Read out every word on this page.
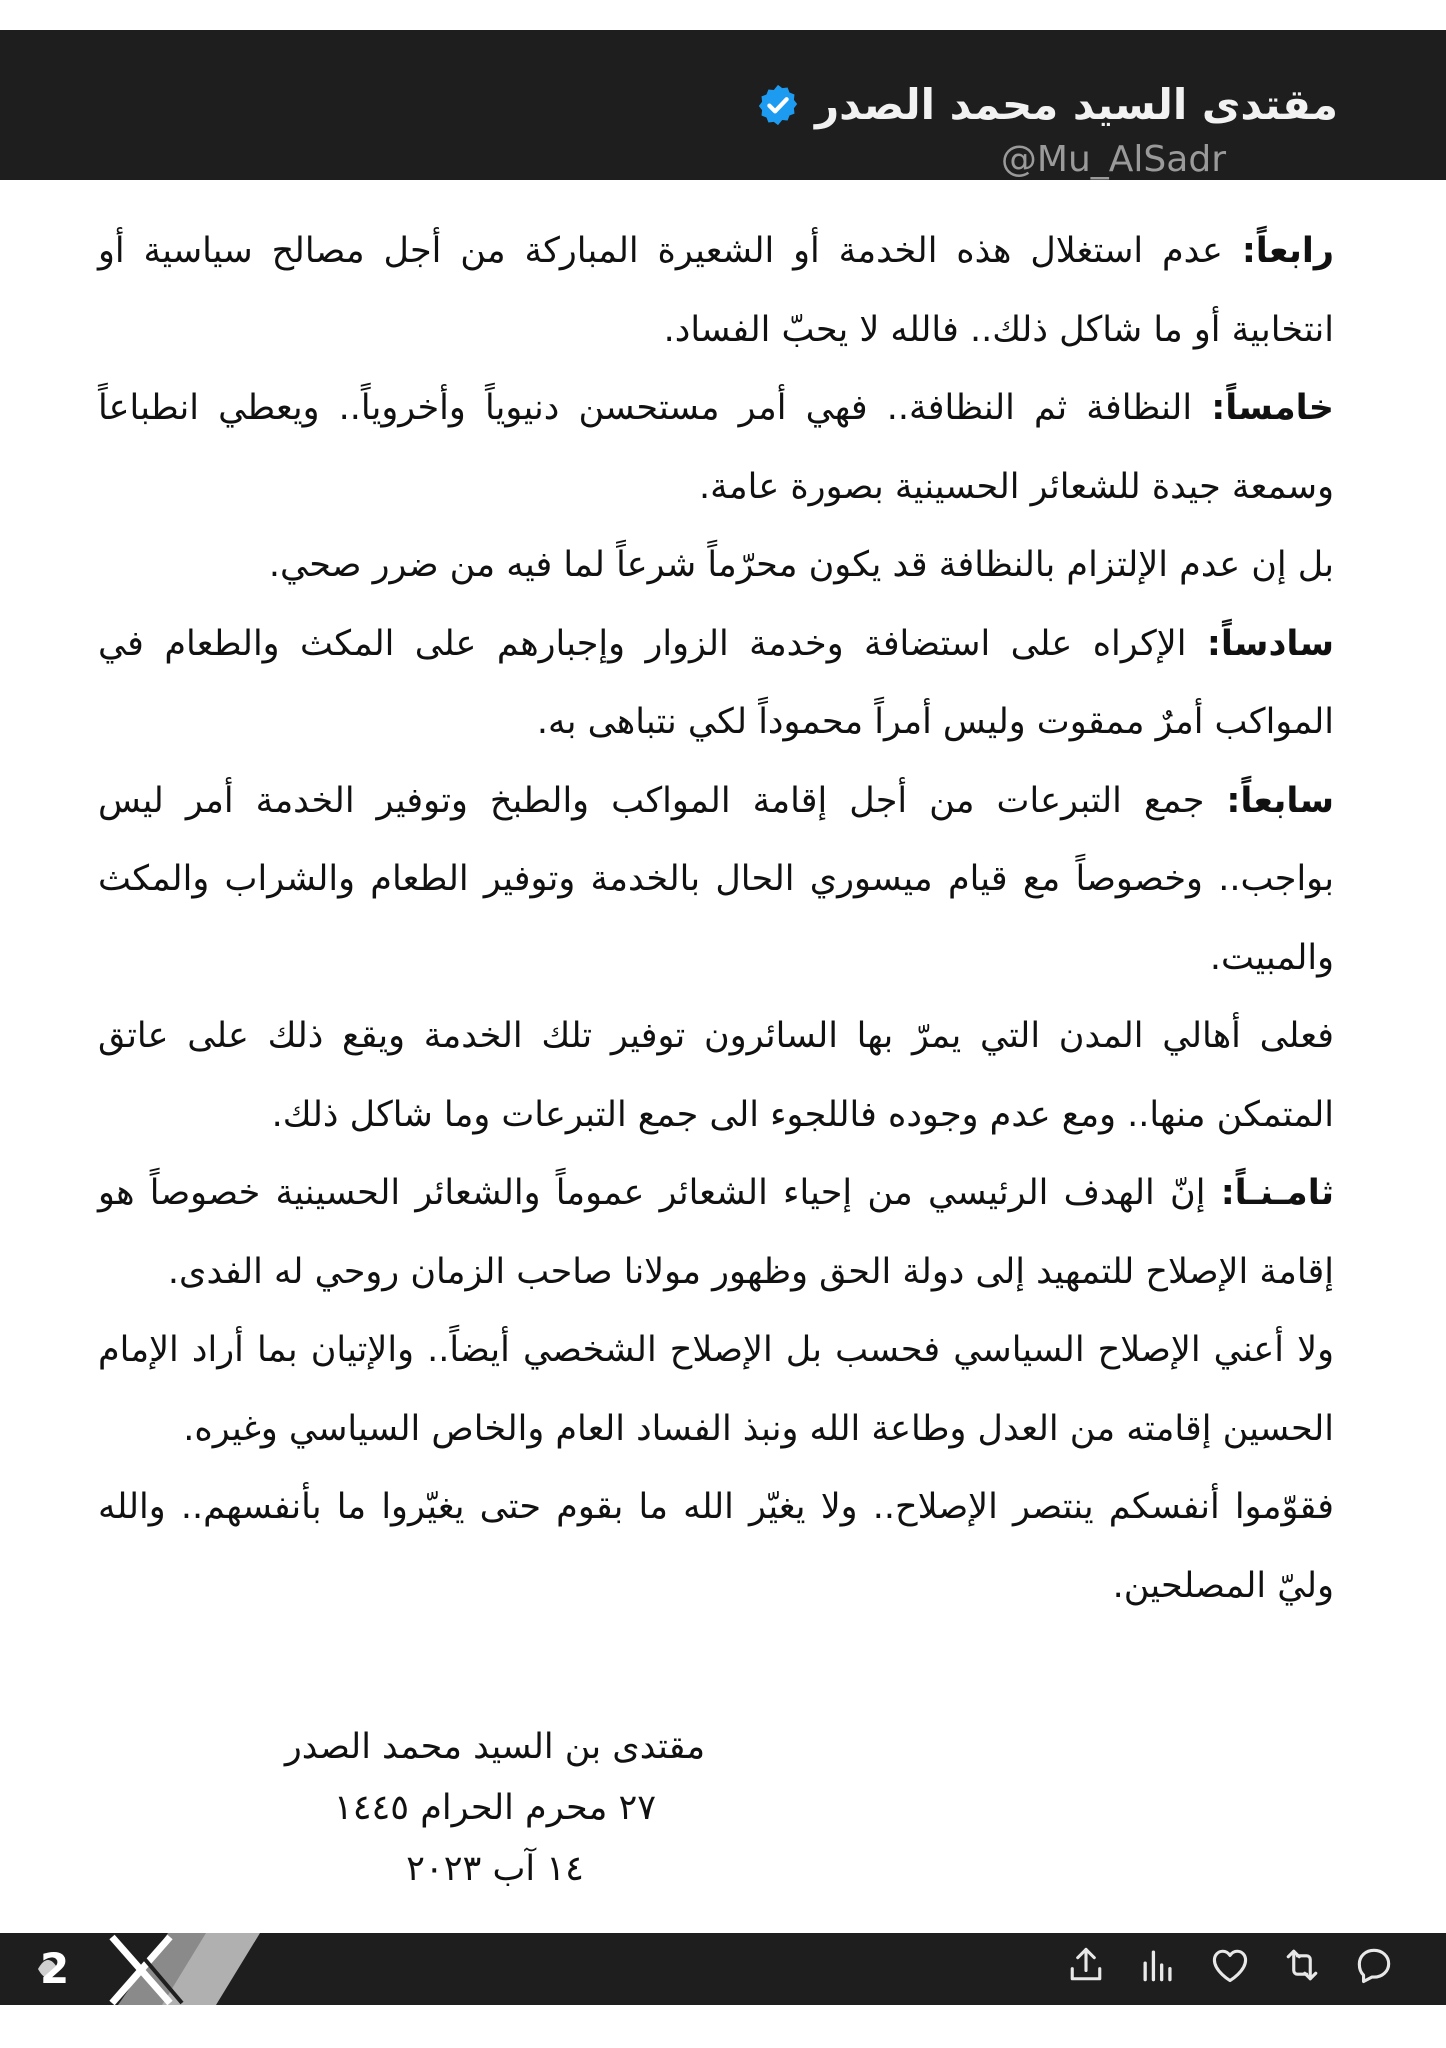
مقتدى السيد محمد الصدر
@Mu_AlSadr

رابعاً: عدم استغلال هذه الخدمة أو الشعيرة المباركة من أجل مصالح سياسية أو انتخابية أو ما شاكل ذلك.. فالله لا يحبّ الفساد.

خامساً: النظافة ثم النظافة.. فهي أمر مستحسن دنيوياً وأخروياً.. ويعطي انطباعاً وسمعة جيدة للشعائر الحسينية بصورة عامة.

بل إن عدم الإلتزام بالنظافة قد يكون محرّماً شرعاً لما فيه من ضرر صحي.

سادساً: الإكراه على استضافة وخدمة الزوار وإجبارهم على المكث والطعام في المواكب أمرٌ ممقوت وليس أمراً محموداً لكي نتباهى به.

سابعاً: جمع التبرعات من أجل إقامة المواكب والطبخ وتوفير الخدمة أمر ليس بواجب.. وخصوصاً مع قيام ميسوري الحال بالخدمة وتوفير الطعام والشراب والمكث والمبيت.

فعلى أهالي المدن التي يمرّ بها السائرون توفير تلك الخدمة ويقع ذلك على عاتق المتمكن منها.. ومع عدم وجوده فاللجوء الى جمع التبرعات وما شاكل ذلك.

ثامـنـاً: إنّ الهدف الرئيسي من إحياء الشعائر عموماً والشعائر الحسينية خصوصاً هو إقامة الإصلاح للتمهيد إلى دولة الحق وظهور مولانا صاحب الزمان روحي له الفدى.

ولا أعني الإصلاح السياسي فحسب بل الإصلاح الشخصي أيضاً.. والإتيان بما أراد الإمام الحسين إقامته من العدل وطاعة الله ونبذ الفساد العام والخاص السياسي وغيره.

فقوّموا أنفسكم ينتصر الإصلاح.. ولا يغيّر الله ما بقوم حتى يغيّروا ما بأنفسهم.. والله وليّ المصلحين.

مقتدى بن السيد محمد الصدر

٢٧ محرم الحرام ١٤٤٥

١٤ آب ٢٠٢٣

2
